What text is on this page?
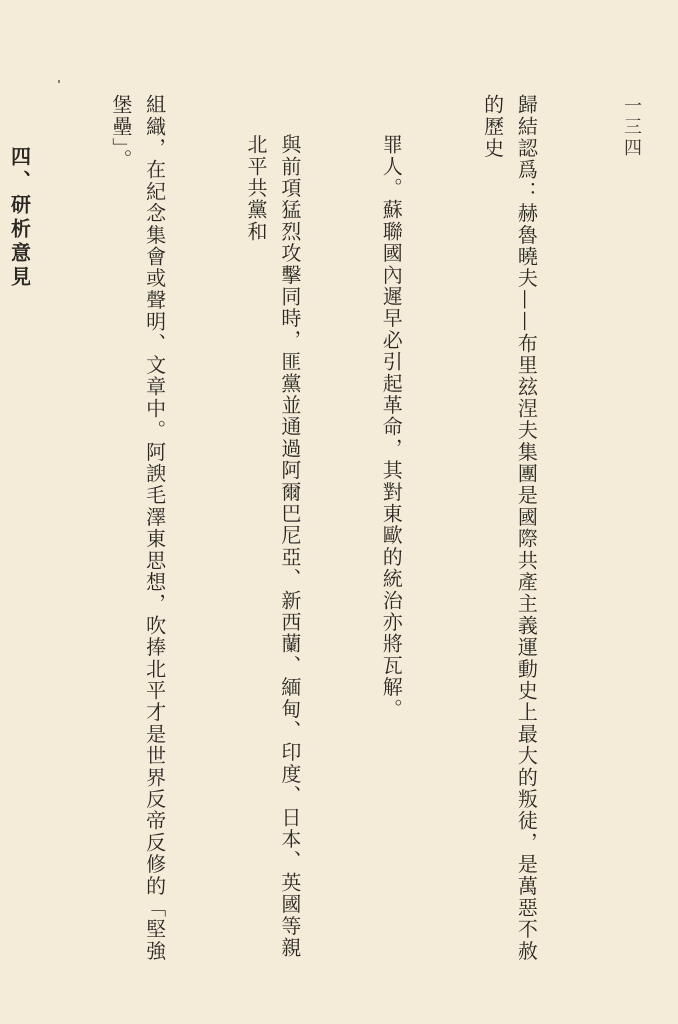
一三四

歸結認爲：赫魯曉夫——布里玆涅夫集團是國際共產主義運動史上最大的叛徒，是萬惡不赦的歷史

罪人。蘇聯國內遲早必引起革命，其對東歐的統治亦將瓦解。

與前項猛烈攻擊同時，匪黨並通過阿爾巴尼亞、新西蘭、緬甸、印度、日本、英國等親北平共黨和

組織，在紀念集會或聲明、文章中。阿諛毛澤東思想，吹捧北平才是世界反帝反修的「堅強堡壘」。

四、研析意見
